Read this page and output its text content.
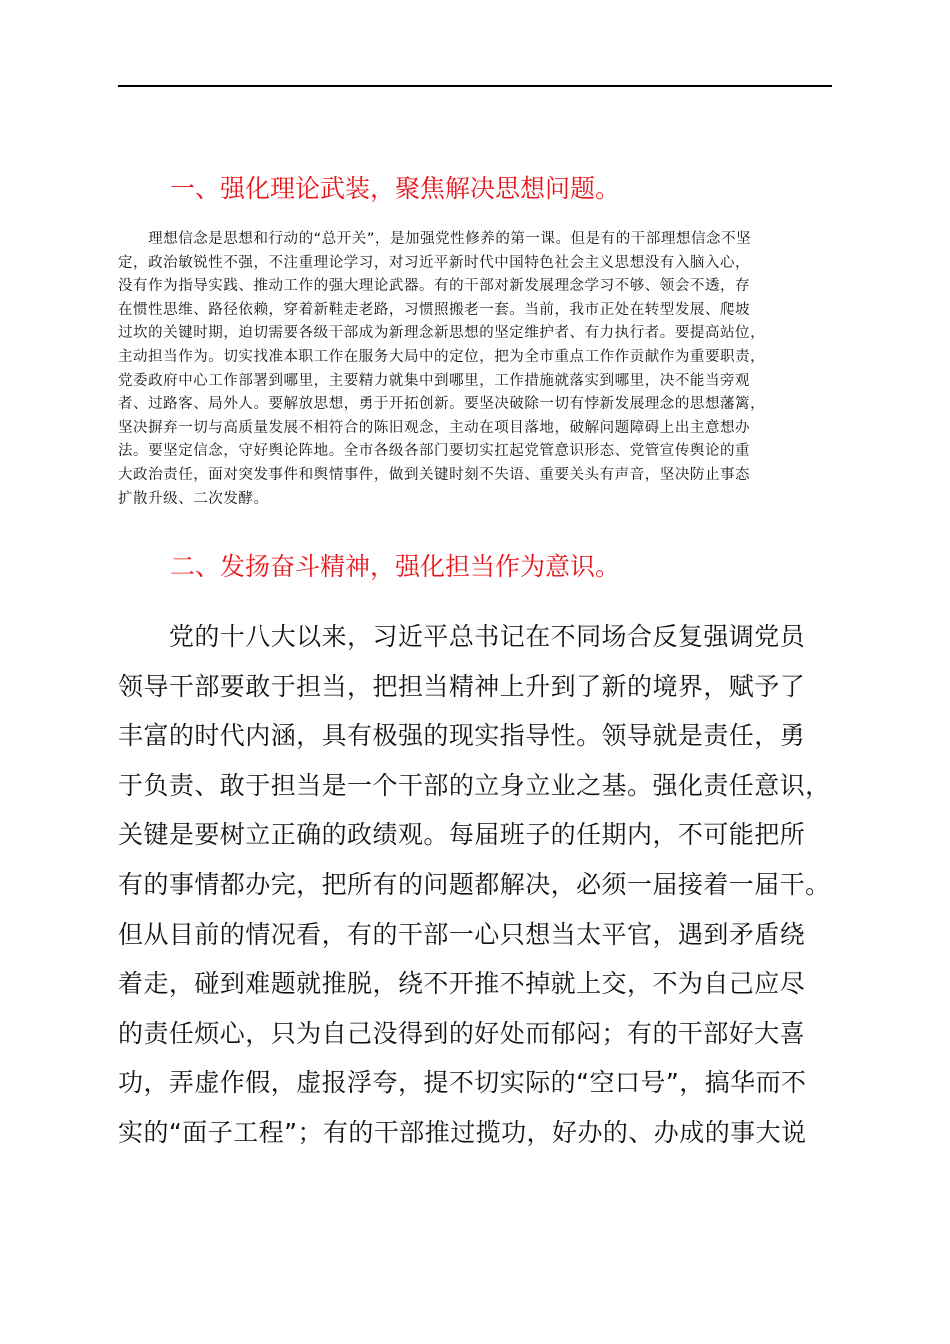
一、强化理论武装，聚焦解决思想问题。

　　理想信念是思想和行动的“总开关”，是加强党性修养的第一课。但是有的干部理想信念不坚
定，政治敏锐性不强，不注重理论学习，对习近平新时代中国特色社会主义思想没有入脑入心，
没有作为指导实践、推动工作的强大理论武器。有的干部对新发展理念学习不够、领会不透，存
在惯性思维、路径依赖，穿着新鞋走老路，习惯照搬老一套。当前，我市正处在转型发展、爬坡
过坎的关键时期，迫切需要各级干部成为新理念新思想的坚定维护者、有力执行者。要提高站位，
主动担当作为。切实找准本职工作在服务大局中的定位，把为全市重点工作作贡献作为重要职责，
党委政府中心工作部署到哪里，主要精力就集中到哪里，工作措施就落实到哪里，决不能当旁观
者、过路客、局外人。要解放思想，勇于开拓创新。要坚决破除一切有悖新发展理念的思想藩篱，
坚决摒弃一切与高质量发展不相符合的陈旧观念，主动在项目落地，破解问题障碍上出主意想办
法。要坚定信念，守好舆论阵地。全市各级各部门要切实扛起党管意识形态、党管宣传舆论的重
大政治责任，面对突发事件和舆情事件，做到关键时刻不失语、重要关头有声音，坚决防止事态
扩散升级、二次发酵。

二、发扬奋斗精神，强化担当作为意识。

　　党的十八大以来，习近平总书记在不同场合反复强调党员
领导干部要敢于担当，把担当精神上升到了新的境界，赋予了
丰富的时代内涵，具有极强的现实指导性。领导就是责任，勇
于负责、敢于担当是一个干部的立身立业之基。强化责任意识，
关键是要树立正确的政绩观。每届班子的任期内，不可能把所
有的事情都办完，把所有的问题都解决，必须一届接着一届干。
但从目前的情况看，有的干部一心只想当太平官，遇到矛盾绕
着走，碰到难题就推脱，绕不开推不掉就上交，不为自己应尽
的责任烦心，只为自己没得到的好处而郁闷；有的干部好大喜
功，弄虚作假，虚报浮夸，提不切实际的“空口号”，搞华而不
实的“面子工程”；有的干部推过揽功，好办的、办成的事大说
